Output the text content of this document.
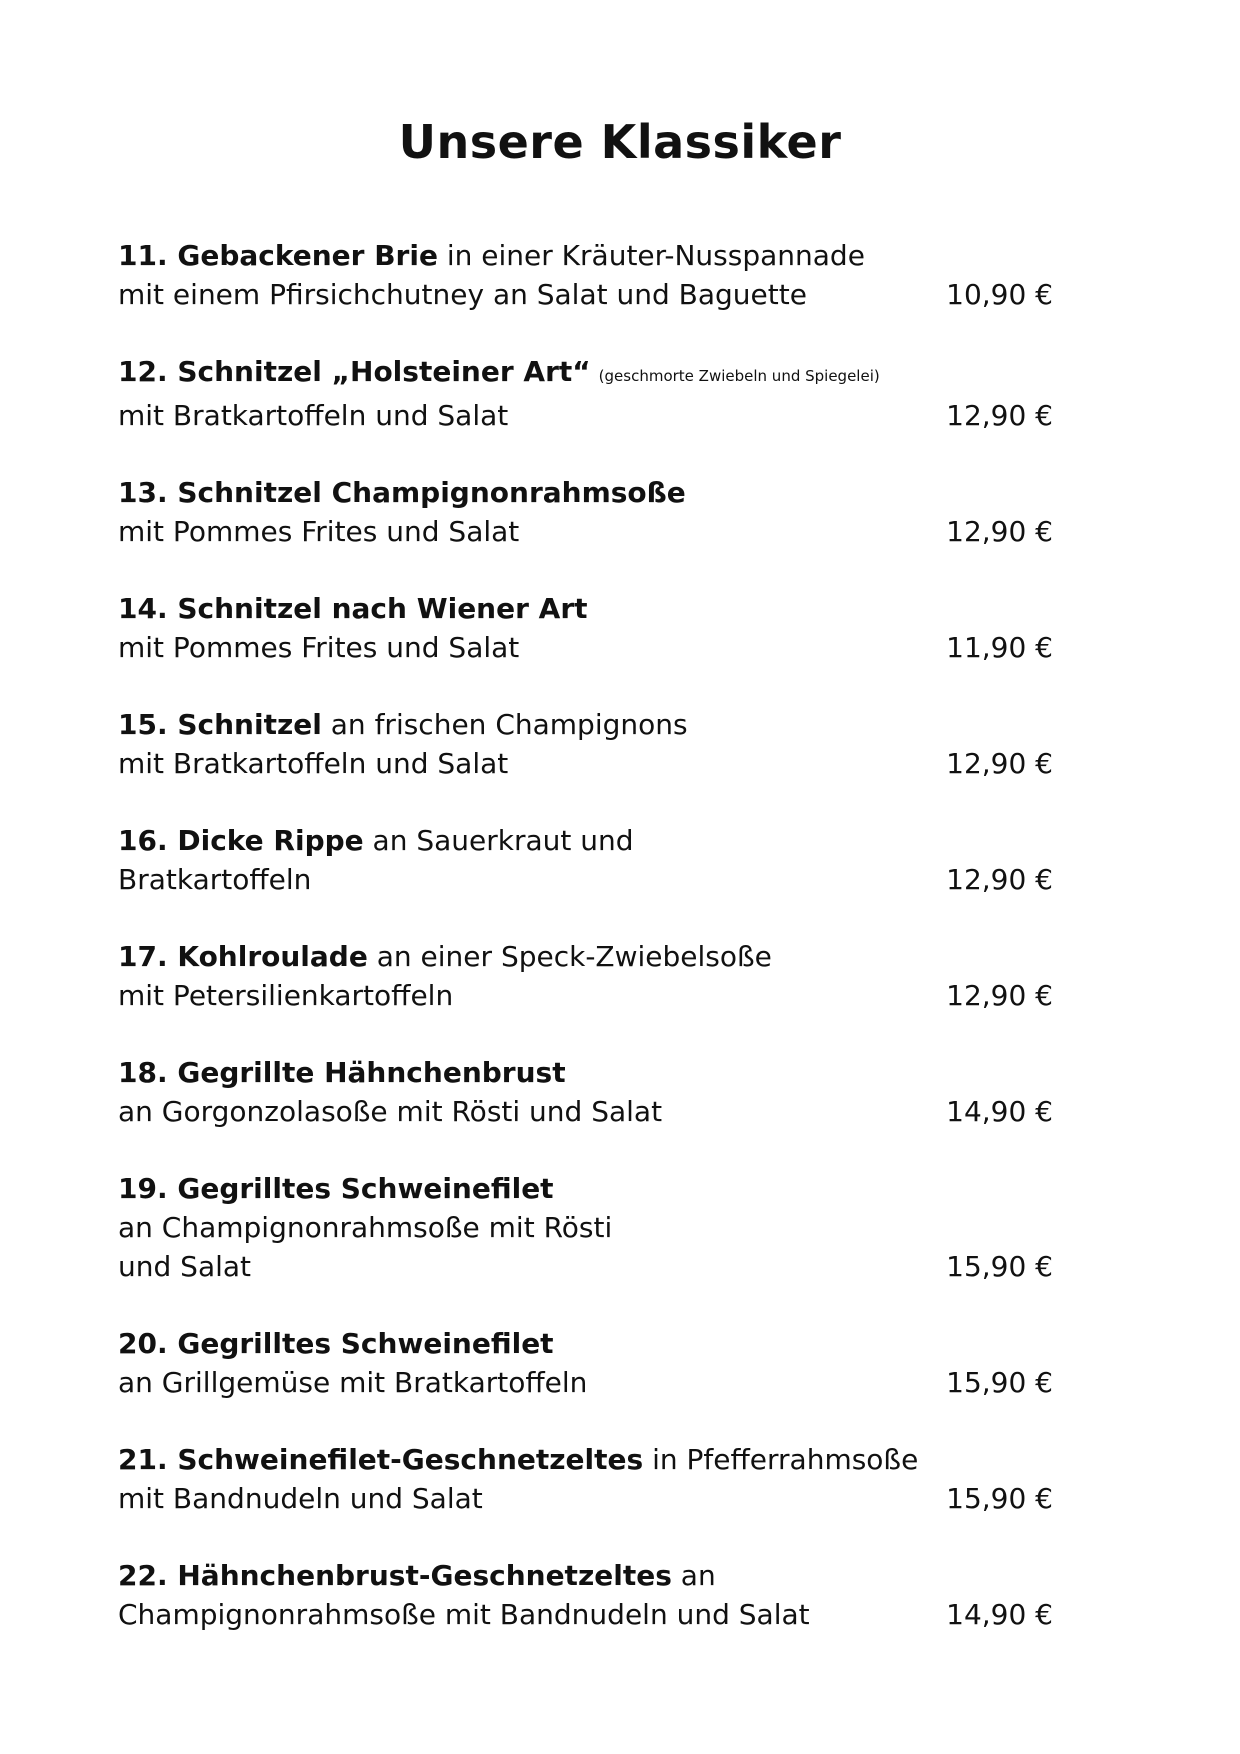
Unsere Klassiker
11. Gebackener Brie in einer Kräuter-Nusspannade
mit einem Pfirsichchutney an Salat und Baguette	10,90 €
12. Schnitzel „Holsteiner Art“ (geschmorte Zwiebeln und Spiegelei)
mit Bratkartoffeln und Salat	12,90 €
13. Schnitzel Champignonrahmsoße
mit Pommes Frites und Salat	12,90 €
14. Schnitzel nach Wiener Art
mit Pommes Frites und Salat	11,90 €
15. Schnitzel an frischen Champignons
mit Bratkartoffeln und Salat	12,90 €
16. Dicke Rippe an Sauerkraut und
Bratkartoffeln	12,90 €
17. Kohlroulade an einer Speck-Zwiebelsoße
mit Petersilienkartoffeln	12,90 €
18. Gegrillte Hähnchenbrust
an Gorgonzolasoße mit Rösti und Salat	14,90 €
19. Gegrilltes Schweinefilet
an Champignonrahmsoße mit Rösti
und Salat	15,90 €
20. Gegrilltes Schweinefilet
an Grillgemüse mit Bratkartoffeln	15,90 €
21. Schweinefilet-Geschnetzeltes in Pfefferrahmsoße
mit Bandnudeln und Salat	15,90 €
22. Hähnchenbrust-Geschnetzeltes an
Champignonrahmsoße mit Bandnudeln und Salat	14,90 €
